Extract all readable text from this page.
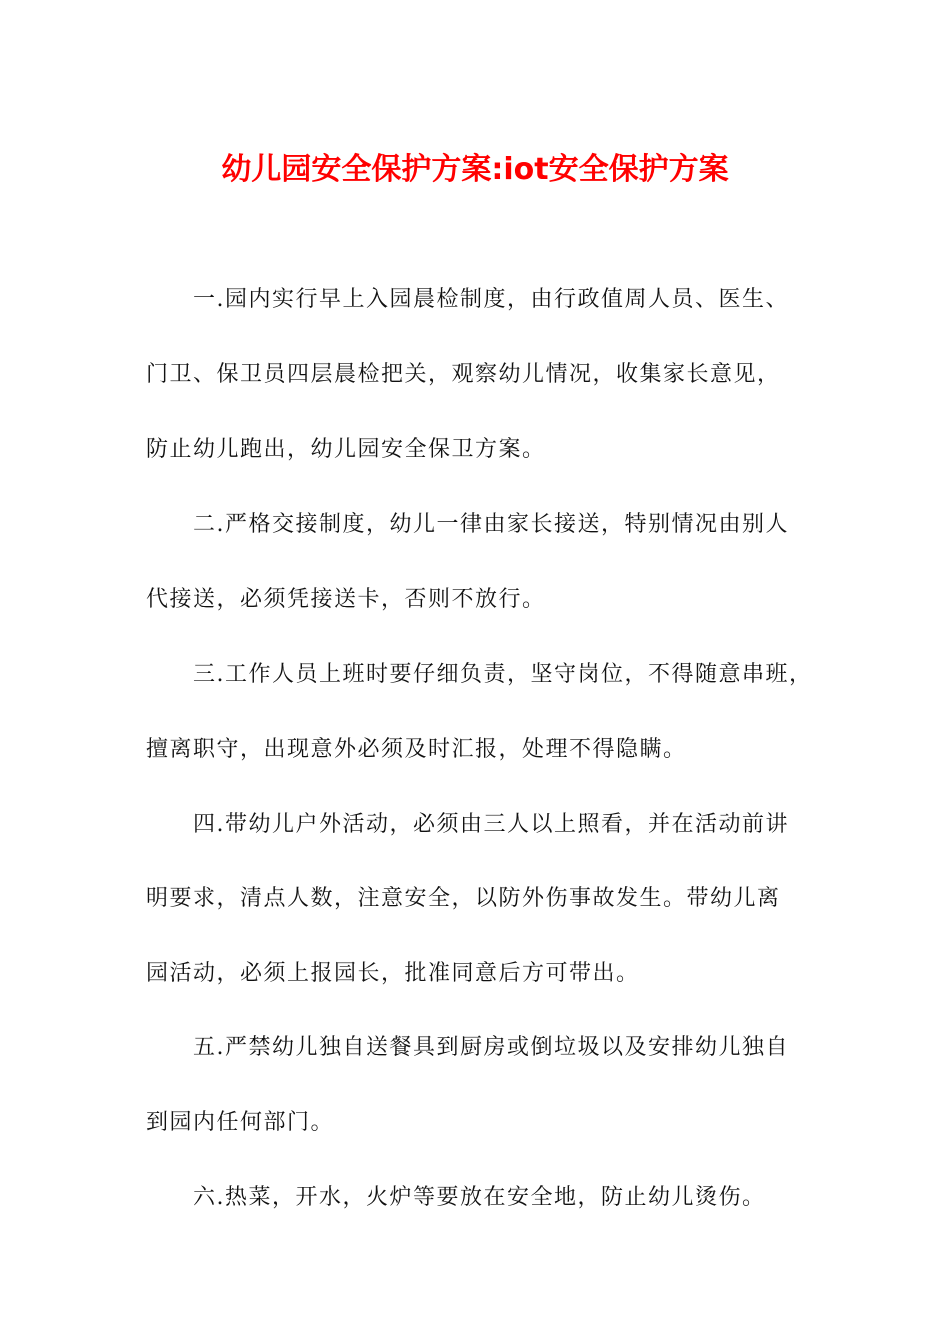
幼儿园安全保护方案:iot安全保护方案

一.园内实行早上入园晨检制度，由行政值周人员、医生、

门卫、保卫员四层晨检把关，观察幼儿情况，收集家长意见，

防止幼儿跑出，幼儿园安全保卫方案。

二.严格交接制度，幼儿一律由家长接送，特别情况由别人

代接送，必须凭接送卡，否则不放行。

三.工作人员上班时要仔细负责，坚守岗位，不得随意串班，

擅离职守，出现意外必须及时汇报，处理不得隐瞒。

四.带幼儿户外活动，必须由三人以上照看，并在活动前讲

明要求，清点人数，注意安全，以防外伤事故发生。带幼儿离

园活动，必须上报园长，批准同意后方可带出。

五.严禁幼儿独自送餐具到厨房或倒垃圾以及安排幼儿独自

到园内任何部门。

六.热菜，开水，火炉等要放在安全地，防止幼儿烫伤。
